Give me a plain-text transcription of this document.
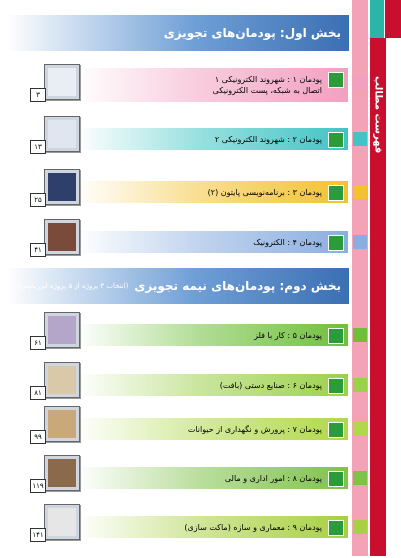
فهرست مطالب
بخش اول: پودمان‌های تجویزی
بخش دوم: پودمان‌های نیمه تجویزی
(انتخاب ۳ پروژه از ۵ پروژه این بخش)
پودمان ۱ : شهروند الکترونیکی ۱
اتصال به شبکه، پست الکترونیکی
۳
پودمان ۲ : شهروند الکترونیکی ۲
۱۳
پودمان ۳ : برنامه‌نویسی پایتون (۲)
۲۵
پودمان ۴ : الکترونیک
۴۱
پودمان ۵ : کار با فلز
۶۱
پودمان ۶ : صنایع دستی (بافت)
۸۱
پودمان ۷ : پرورش و نگهداری از حیوانات
۹۹
پودمان ۸ : امور اداری و مالی
۱۱۹
پودمان ۹ : معماری و سازه (ماکت سازی)
۱۴۱
